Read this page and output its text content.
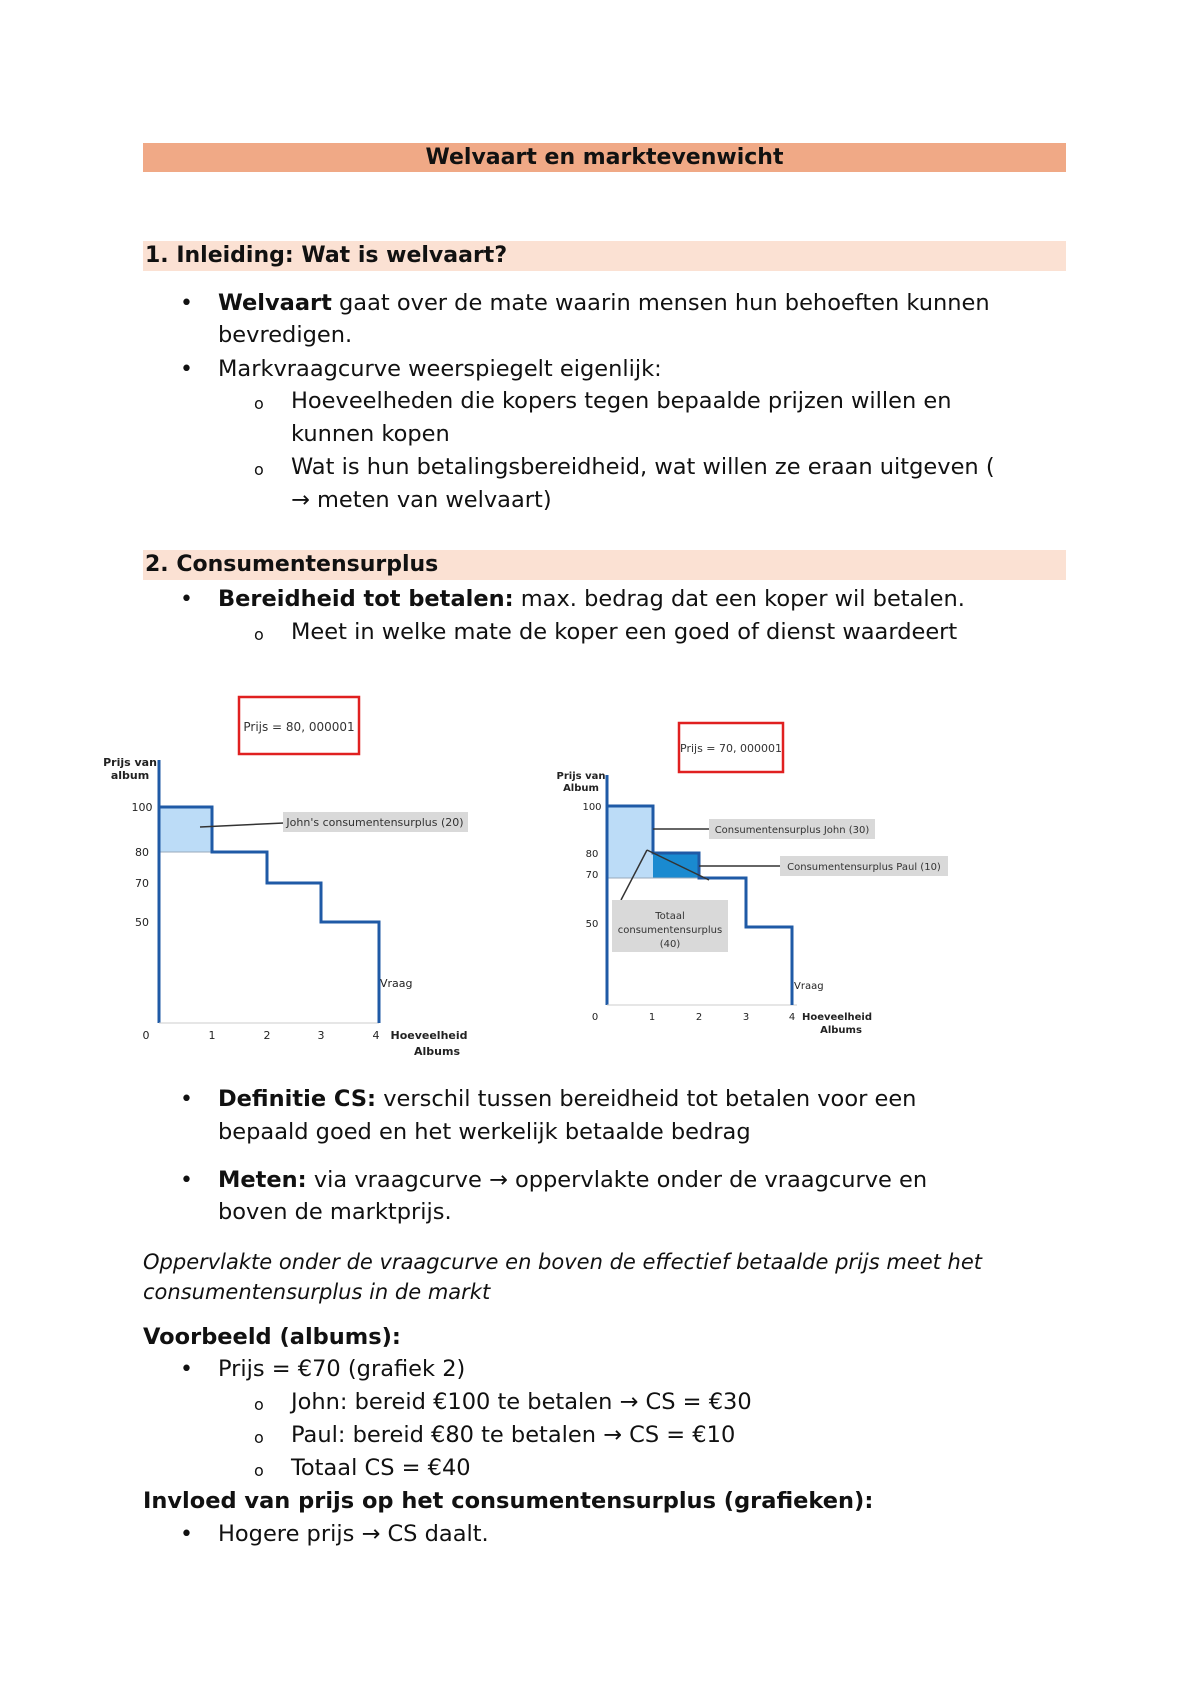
Welvaart en marktevenwicht
1. Inleiding: Wat is welvaart?
• Welvaart gaat over de mate waarin mensen hun behoeften kunnen
bevredigen.
• Markvraagcurve weerspiegelt eigenlijk:
o Hoeveelheden die kopers tegen bepaalde prijzen willen en
kunnen kopen
o Wat is hun betalingsbereidheid, wat willen ze eraan uitgeven (
→ meten van welvaart)
2. Consumentensurplus
• Bereidheid tot betalen: max. bedrag dat een koper wil betalen.
o Meet in welke mate de koper een goed of dienst waardeert
Prijs = 80, 000001
Prijs van
album
100
80
70
50
0	1	2	3	4 Hoeveelheid
Albums
Vraag
John's consumentensurplus (20)
Prijs = 70, 000001
Prijs van
Album
100
80
70
50
0	1	2	3	4 Hoeveelheid
Albums
Vraag
Consumentensurplus John (30)
Consumentensurplus Paul (10)
Totaal
consumentensurplus
(40)
• Definitie CS: verschil tussen bereidheid tot betalen voor een
bepaald goed en het werkelijk betaalde bedrag
• Meten: via vraagcurve → oppervlakte onder de vraagcurve en
boven de marktprijs.
Oppervlakte onder de vraagcurve en boven de effectief betaalde prijs meet het
consumentensurplus in de markt
Voorbeeld (albums):
• Prijs = €70 (grafiek 2)
o John: bereid €100 te betalen → CS = €30
o Paul: bereid €80 te betalen → CS = €10
o Totaal CS = €40
Invloed van prijs op het consumentensurplus (grafieken):
• Hogere prijs → CS daalt.
